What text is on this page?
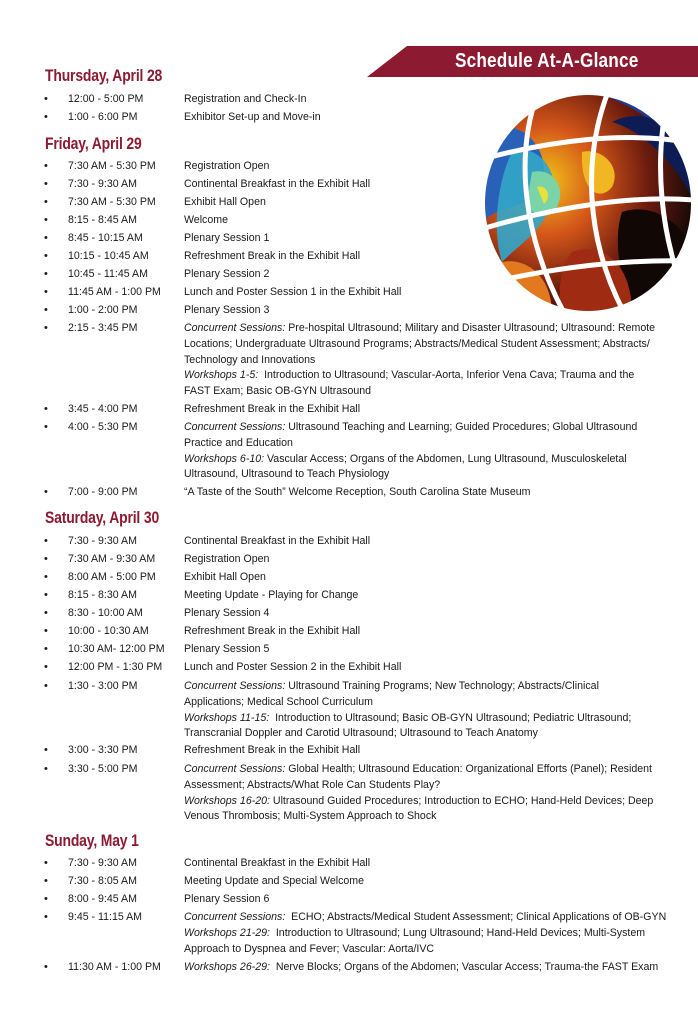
Schedule At-A-Glance
Thursday, April 28
• 12:00 - 5:00 PM	Registration and Check-In
• 1:00 - 6:00 PM	Exhibitor Set-up and Move-in
Friday, April 29
• 7:30 AM - 5:30 PM	Registration Open
• 7:30 - 9:30 AM	Continental Breakfast in the Exhibit Hall
• 7:30 AM - 5:30 PM	Exhibit Hall Open
• 8:15 - 8:45 AM	Welcome
• 8:45 - 10:15 AM	Plenary Session 1
• 10:15 - 10:45 AM	Refreshment Break in the Exhibit Hall
• 10:45 - 11:45 AM	Plenary Session 2
• 11:45 AM - 1:00 PM Lunch and Poster Session 1 in the Exhibit Hall
• 1:00 - 2:00 PM	Plenary Session 3
• 2:15 - 3:45 PM	Concurrent Sessions: Pre-hospital Ultrasound; Military and Disaster Ultrasound; Ultrasound: Remote
Locations; Undergraduate Ultrasound Programs; Abstracts/Medical Student Assessment; Abstracts/
Technology and Innovations
Workshops 1-5:  Introduction to Ultrasound; Vascular-Aorta, Inferior Vena Cava; Trauma and the
FAST Exam; Basic OB-GYN Ultrasound
• 3:45 - 4:00 PM	Refreshment Break in the Exhibit Hall
• 4:00 - 5:30 PM	Concurrent Sessions: Ultrasound Teaching and Learning; Guided Procedures; Global Ultrasound
Practice and Education
Workshops 6-10: Vascular Access; Organs of the Abdomen, Lung Ultrasound, Musculoskeletal
Ultrasound, Ultrasound to Teach Physiology
• 7:00 - 9:00 PM	“A Taste of the South” Welcome Reception, South Carolina State Museum
Saturday, April 30
• 7:30 - 9:30 AM	Continental Breakfast in the Exhibit Hall
• 7:30 AM - 9:30 AM	Registration Open
• 8:00 AM - 5:00 PM	Exhibit Hall Open
• 8:15 - 8:30 AM	Meeting Update - Playing for Change
• 8:30 - 10:00 AM	Plenary Session 4
• 10:00 - 10:30 AM	Refreshment Break in the Exhibit Hall
• 10:30 AM- 12:00 PM Plenary Session 5
• 12:00 PM - 1:30 PM Lunch and Poster Session 2 in the Exhibit Hall
• 1:30 - 3:00 PM	Concurrent Sessions: Ultrasound Training Programs; New Technology; Abstracts/Clinical
Applications; Medical School Curriculum
Workshops 11-15:  Introduction to Ultrasound; Basic OB-GYN Ultrasound; Pediatric Ultrasound;
Transcranial Doppler and Carotid Ultrasound; Ultrasound to Teach Anatomy
• 3:00 - 3:30 PM	Refreshment Break in the Exhibit Hall
• 3:30 - 5:00 PM	Concurrent Sessions: Global Health; Ultrasound Education: Organizational Efforts (Panel); Resident
Assessment; Abstracts/What Role Can Students Play?
Workshops 16-20: Ultrasound Guided Procedures; Introduction to ECHO; Hand-Held Devices; Deep
Venous Thrombosis; Multi-System Approach to Shock
Sunday, May 1
• 7:30 - 9:30 AM	Continental Breakfast in the Exhibit Hall
• 7:30 - 8:05 AM	Meeting Update and Special Welcome
• 8:00 - 9:45 AM	Plenary Session 6
• 9:45 - 11:15 AM	Concurrent Sessions:  ECHO; Abstracts/Medical Student Assessment; Clinical Applications of OB-GYN
Workshops 21-29:  Introduction to Ultrasound; Lung Ultrasound; Hand-Held Devices; Multi-System
Approach to Dyspnea and Fever; Vascular: Aorta/IVC
• 11:30 AM - 1:00 PM Workshops 26-29:  Nerve Blocks; Organs of the Abdomen; Vascular Access; Trauma-the FAST Exam
